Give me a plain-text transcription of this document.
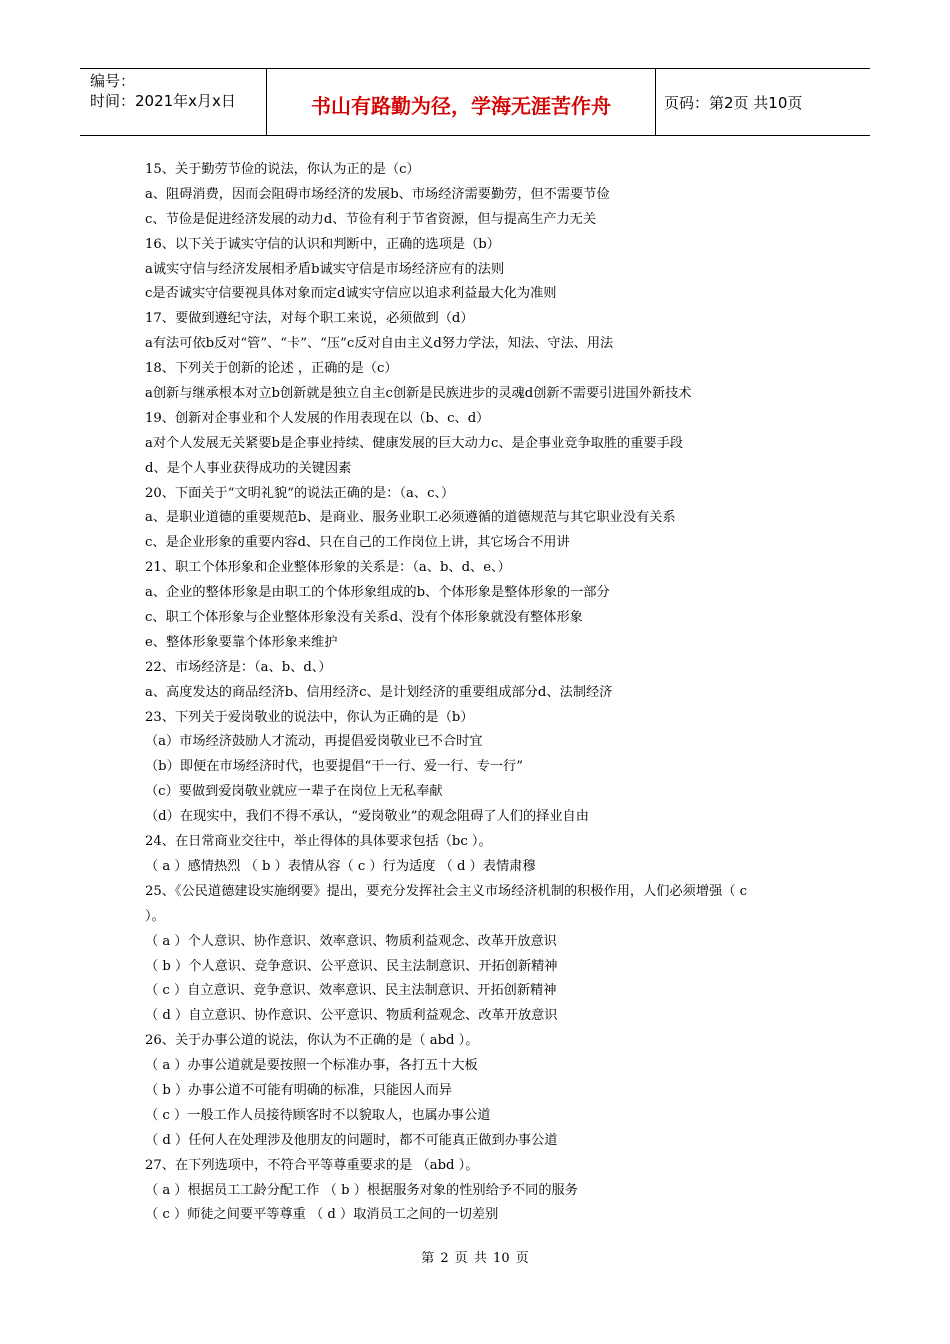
编号：
时间：2021年x月x日	书山有路勤为径，学海无涯苦作舟	页码：第2页 共10页
15、关于勤劳节俭的说法，你认为正的是（c）
a、阻碍消费，因而会阻碍市场经济的发展b、市场经济需要勤劳，但不需要节俭
c、节俭是促进经济发展的动力d、节俭有利于节省资源，但与提高生产力无关
16、以下关于诚实守信的认识和判断中，正确的选项是（b）
a诚实守信与经济发展相矛盾b诚实守信是市场经济应有的法则
c是否诚实守信要视具体对象而定d诚实守信应以追求利益最大化为准则
17、要做到遵纪守法，对每个职工来说，必须做到（d）
a有法可依b反对“管”、“卡”、“压”c反对自由主义d努力学法，知法、守法、用法
18、下列关于创新的论述 ，正确的是（c）
a创新与继承根本对立b创新就是独立自主c创新是民族进步的灵魂d创新不需要引进国外新技术
19、创新对企事业和个人发展的作用表现在以（b、c、d）
a对个人发展无关紧要b是企事业持续、健康发展的巨大动力c、是企事业竞争取胜的重要手段
d、是个人事业获得成功的关键因素
20、下面关于“文明礼貌”的说法正确的是：（a、c、）
a、是职业道德的重要规范b、是商业、服务业职工必须遵循的道德规范与其它职业没有关系
c、是企业形象的重要内容d、只在自己的工作岗位上讲，其它场合不用讲
21、职工个体形象和企业整体形象的关系是：（a、b、d、e、）
a、企业的整体形象是由职工的个体形象组成的b、个体形象是整体形象的一部分
c、职工个体形象与企业整体形象没有关系d、没有个体形象就没有整体形象
e、整体形象要靠个体形象来维护
22、市场经济是：（a、b、d、）
a、高度发达的商品经济b、信用经济c、是计划经济的重要组成部分d、法制经济
23、下列关于爱岗敬业的说法中，你认为正确的是（b）
（a）市场经济鼓励人才流动，再提倡爱岗敬业已不合时宜
（b）即便在市场经济时代，也要提倡“干一行、爱一行、专一行”
（c）要做到爱岗敬业就应一辈子在岗位上无私奉献
（d）在现实中，我们不得不承认，“爱岗敬业”的观念阻碍了人们的择业自由
24、在日常商业交往中，举止得体的具体要求包括（bc ）。
（ a ）感情热烈 （ b ）表情从容（ c ）行为适度 （ d ）表情肃穆
25、《公民道德建设实施纲要》提出，要充分发挥社会主义市场经济机制的积极作用，人们必须增强（ c
）。
（ a ）个人意识、协作意识、效率意识、物质利益观念、改革开放意识
（ b ）个人意识、竞争意识、公平意识、民主法制意识、开拓创新精神
（ c ）自立意识、竞争意识、效率意识、民主法制意识、开拓创新精神
（ d ）自立意识、协作意识、公平意识、物质利益观念、改革开放意识
26、关于办事公道的说法，你认为不正确的是（ abd ）。
（ a ）办事公道就是要按照一个标准办事，各打五十大板
（ b ）办事公道不可能有明确的标准，只能因人而异
（ c ）一般工作人员接待顾客时不以貌取人，也属办事公道
（ d ）任何人在处理涉及他朋友的问题时，都不可能真正做到办事公道
27、在下列选项中，不符合平等尊重要求的是 （abd ）。
（ a ）根据员工工龄分配工作 （ b ）根据服务对象的性别给予不同的服务
（ c ）师徒之间要平等尊重 （ d ）取消员工之间的一切差别
第 2 页 共 10 页
